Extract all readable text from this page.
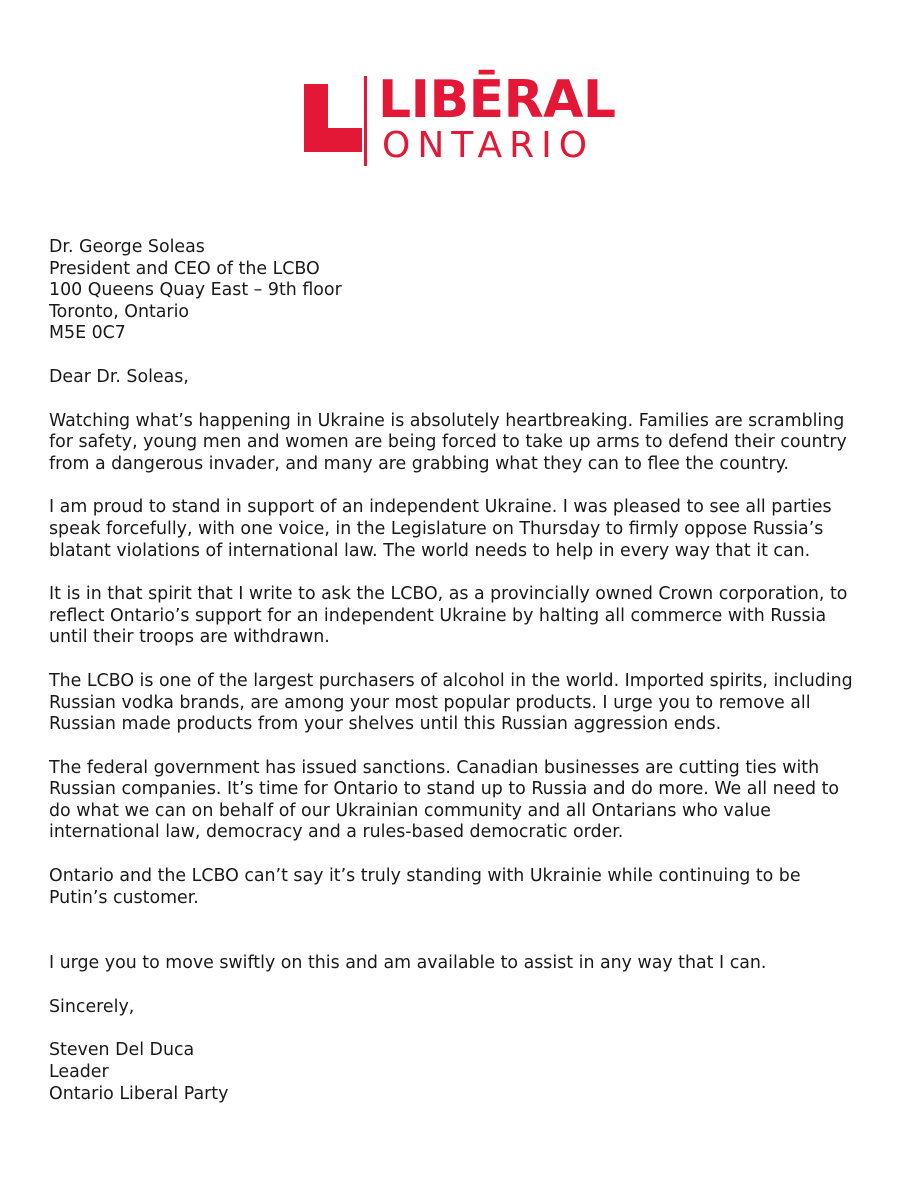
LIBĒRAL
ONTARIO
Dr. George Soleas
President and CEO of the LCBO
100 Queens Quay East – 9th floor
Toronto, Ontario
M5E 0C7
Dear Dr. Soleas,
Watching what’s happening in Ukraine is absolutely heartbreaking. Families are scrambling
for safety, young men and women are being forced to take up arms to defend their country
from a dangerous invader, and many are grabbing what they can to flee the country.
I am proud to stand in support of an independent Ukraine. I was pleased to see all parties
speak forcefully, with one voice, in the Legislature on Thursday to firmly oppose Russia’s
blatant violations of international law. The world needs to help in every way that it can.
It is in that spirit that I write to ask the LCBO, as a provincially owned Crown corporation, to
reflect Ontario’s support for an independent Ukraine by halting all commerce with Russia
until their troops are withdrawn.
The LCBO is one of the largest purchasers of alcohol in the world. Imported spirits, including
Russian vodka brands, are among your most popular products. I urge you to remove all
Russian made products from your shelves until this Russian aggression ends.
The federal government has issued sanctions. Canadian businesses are cutting ties with
Russian companies. It’s time for Ontario to stand up to Russia and do more. We all need to
do what we can on behalf of our Ukrainian community and all Ontarians who value
international law, democracy and a rules-based democratic order.
Ontario and the LCBO can’t say it’s truly standing with Ukrainie while continuing to be
Putin’s customer.
I urge you to move swiftly on this and am available to assist in any way that I can.
Sincerely,
Steven Del Duca
Leader
Ontario Liberal Party
